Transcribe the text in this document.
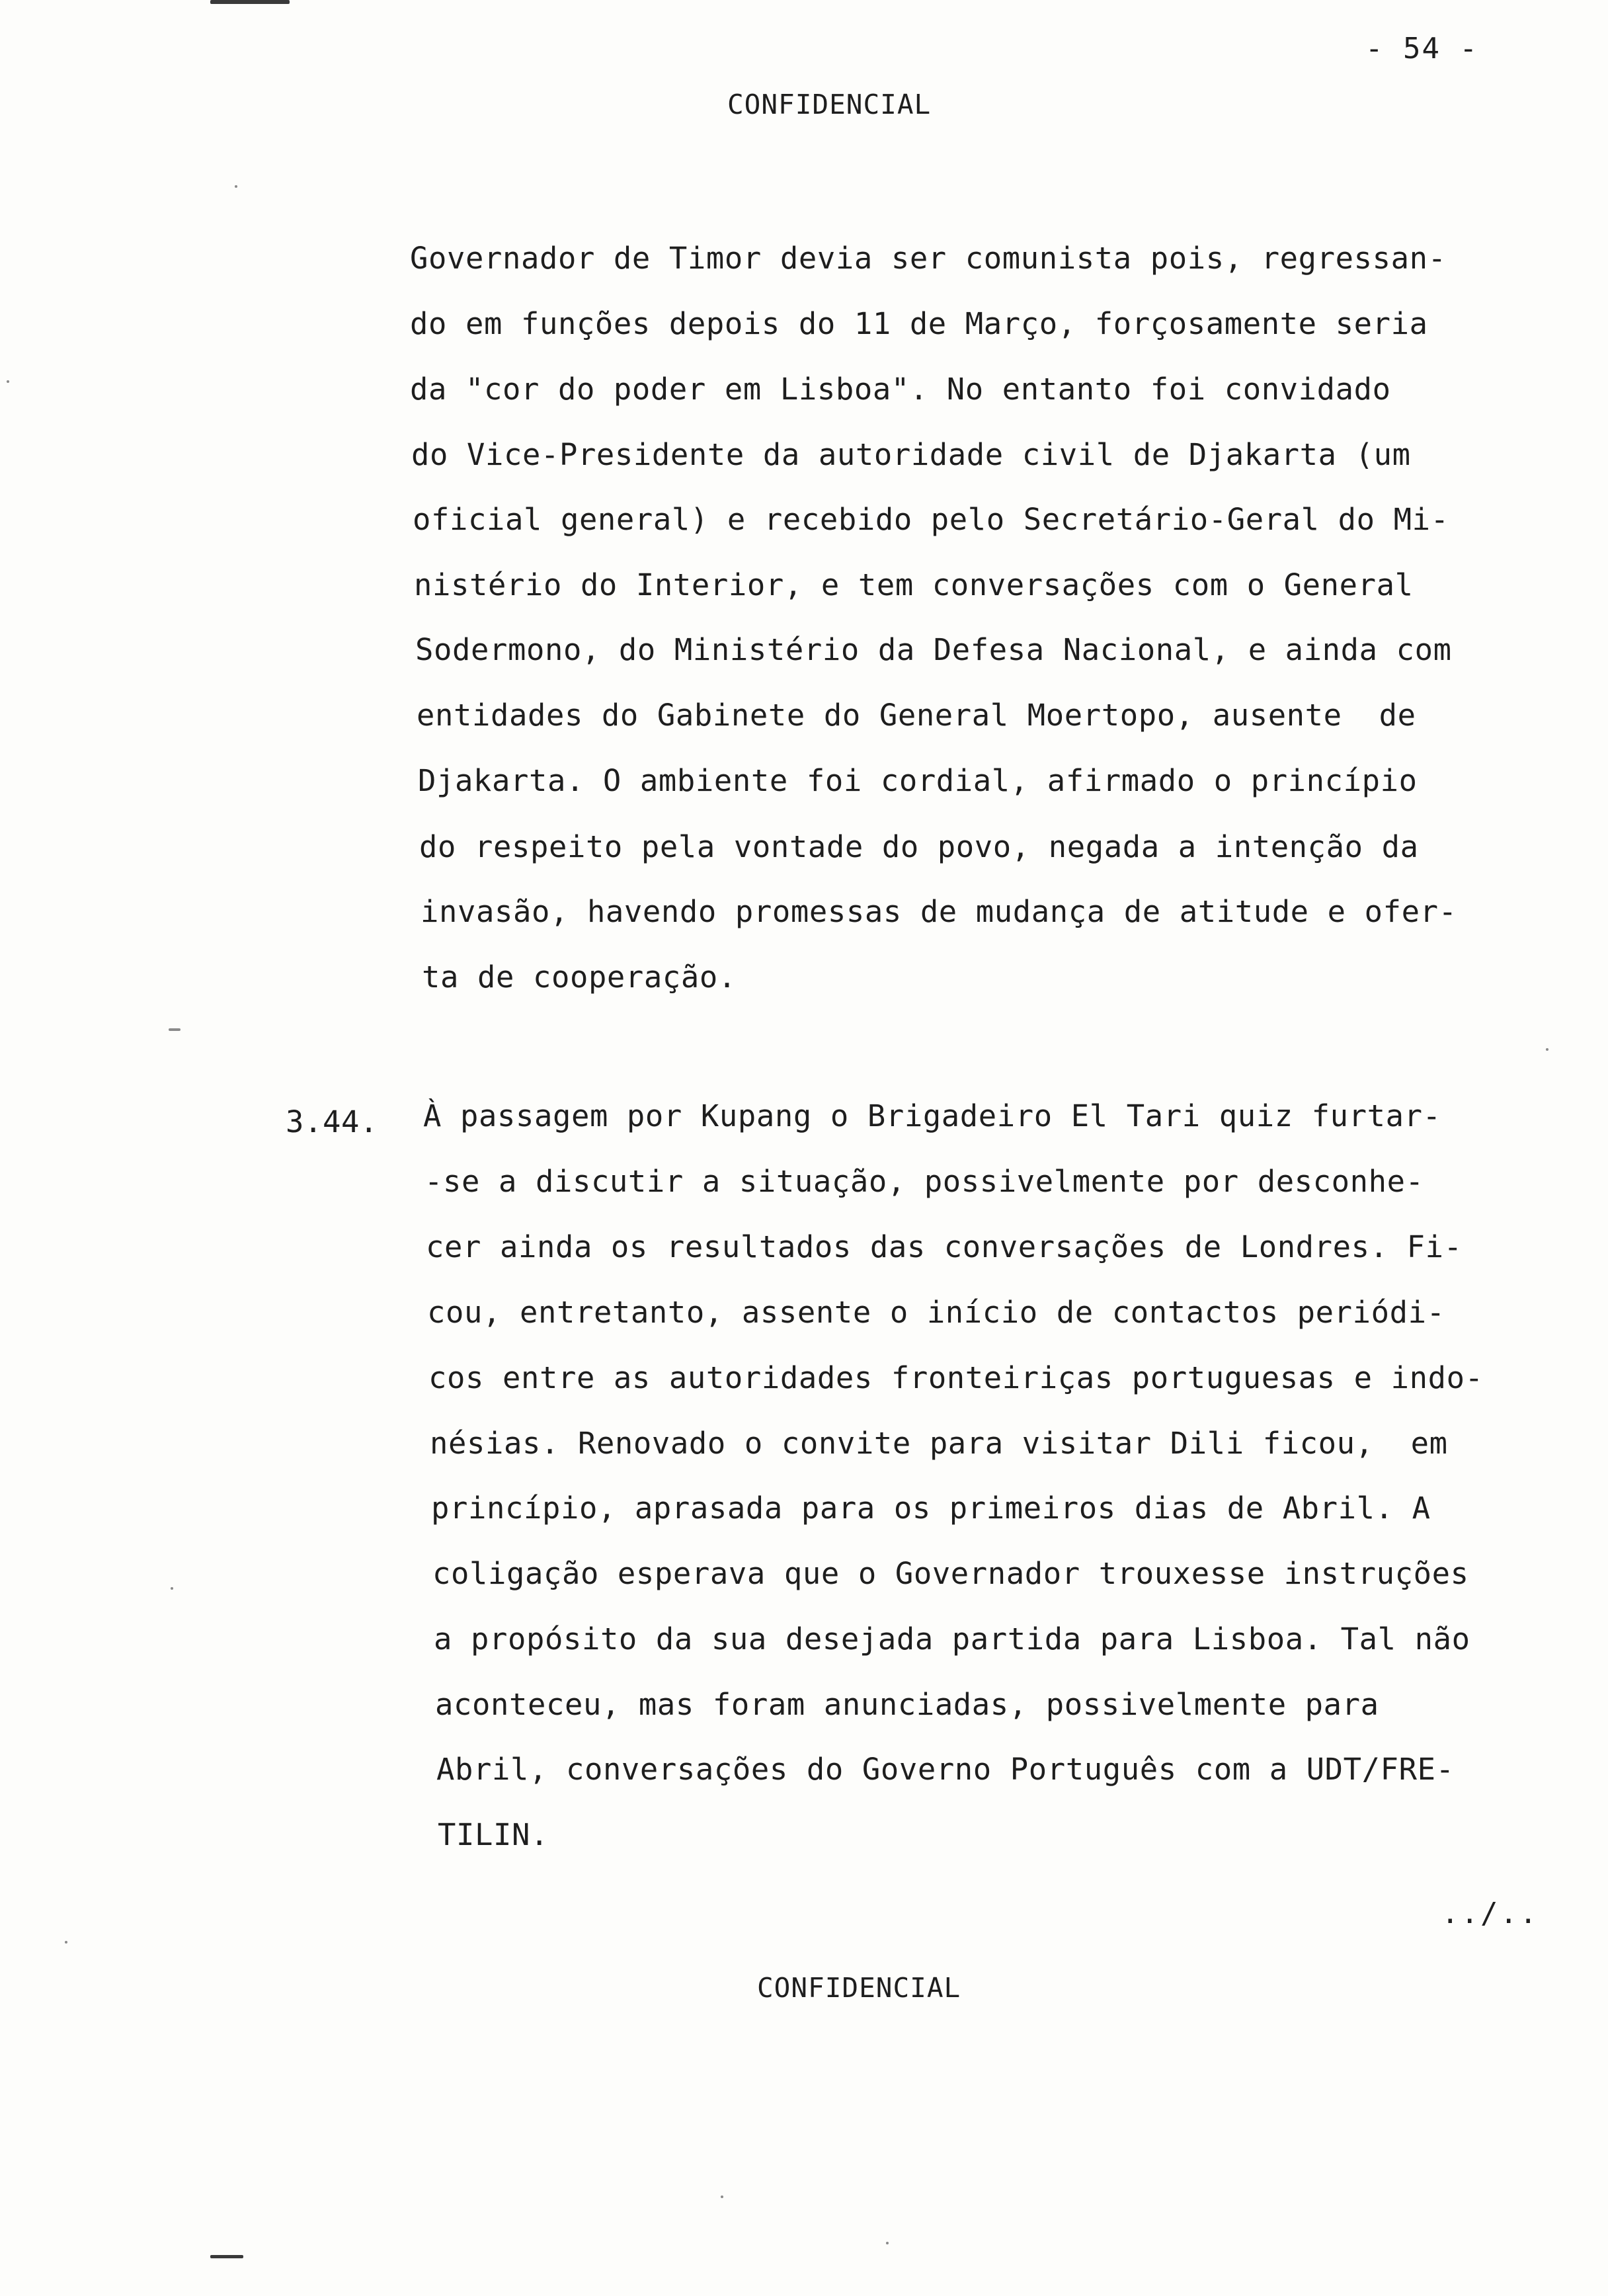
- 54 -
CONFIDENCIAL
Governador de Timor devia ser comunista pois, regressan-
do em funções depois do 11 de Março, forçosamente seria
da "cor do poder em Lisboa". No entanto foi convidado
do Vice-Presidente da autoridade civil de Djakarta (um
oficial general) e recebido pelo Secretário-Geral do Mi-
nistério do Interior, e tem conversações com o General
Sodermono, do Ministério da Defesa Nacional, e ainda com
entidades do Gabinete do General Moertopo, ausente  de
Djakarta. O ambiente foi cordial, afirmado o princípio
do respeito pela vontade do povo, negada a intenção da
invasão, havendo promessas de mudança de atitude e ofer-
ta de cooperação.
3.44. À passagem por Kupang o Brigadeiro El Tari quiz furtar-
-se a discutir a situação, possivelmente por desconhe-
cer ainda os resultados das conversações de Londres. Fi-
cou, entretanto, assente o início de contactos periódi-
cos entre as autoridades fronteiriças portuguesas e indo-
nésias. Renovado o convite para visitar Dili ficou,  em
princípio, aprasada para os primeiros dias de Abril. A
coligação esperava que o Governador trouxesse instruções
a propósito da sua desejada partida para Lisboa. Tal não
aconteceu, mas foram anunciadas, possivelmente para
Abril, conversações do Governo Português com a UDT/FRE-
TILIN.
../..
CONFIDENCIAL
